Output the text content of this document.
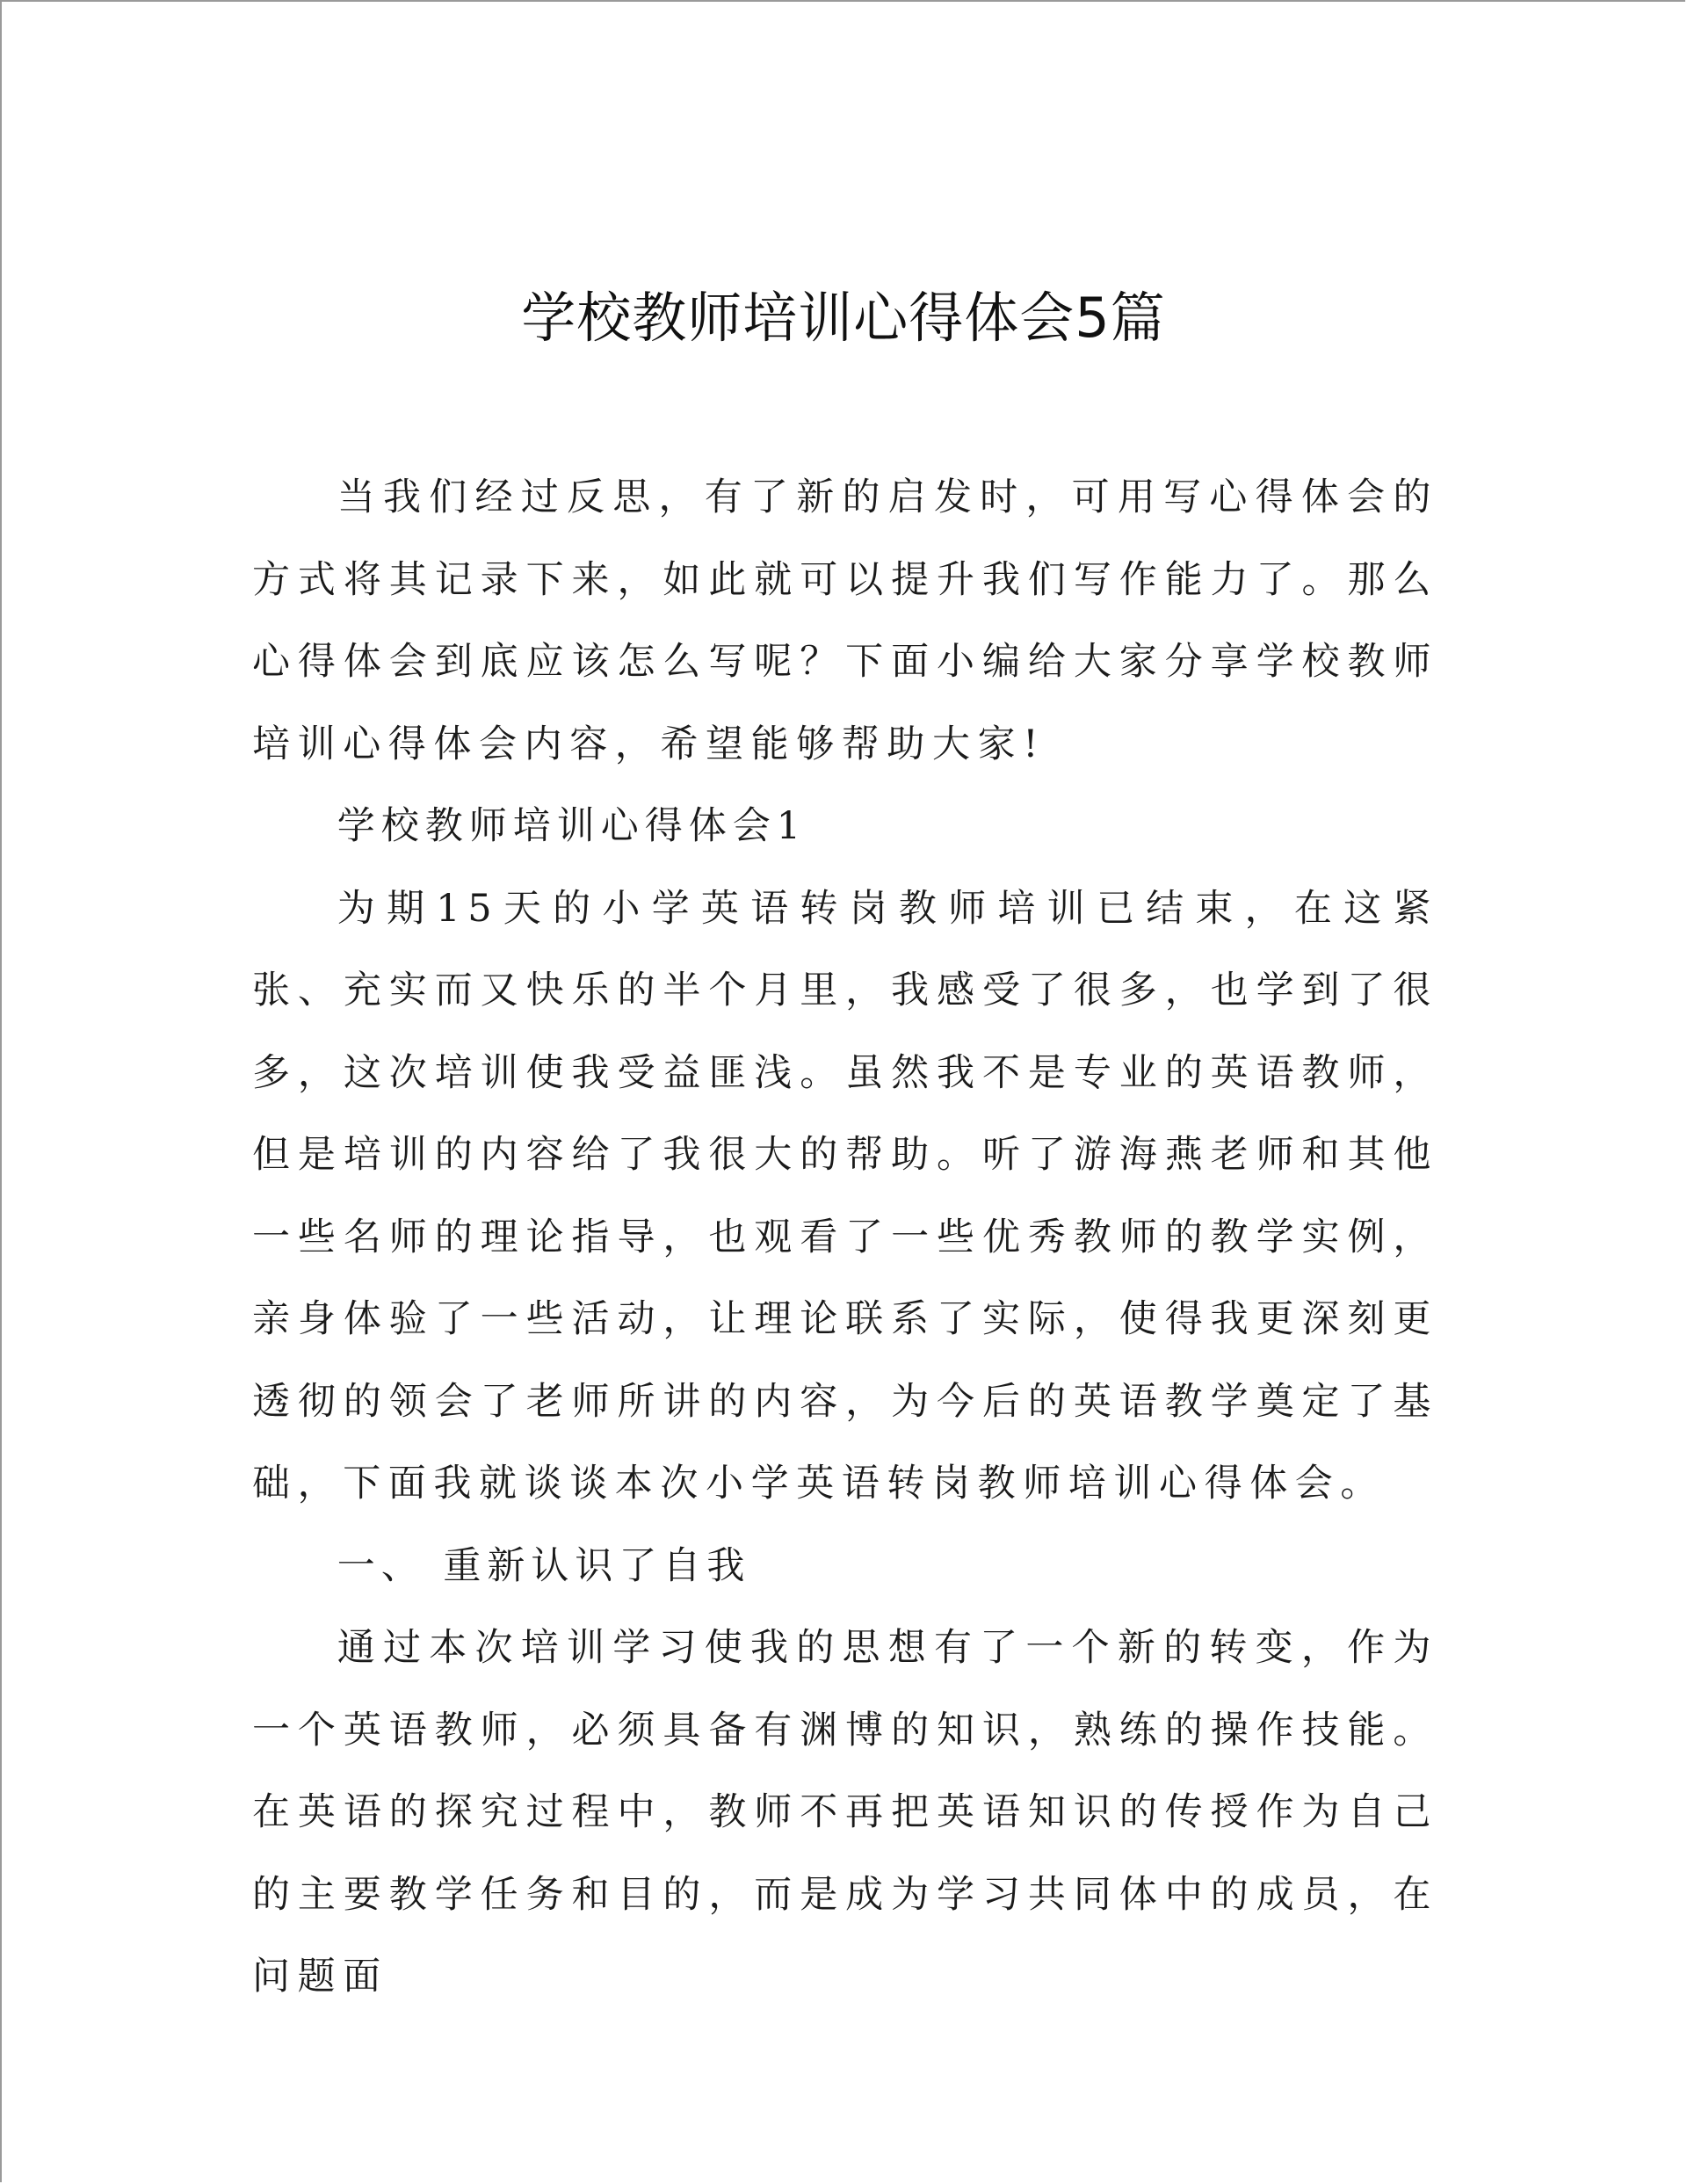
学校教师培训心得体会5篇

当我们经过反思，有了新的启发时，可用写心得体会的方式将其记录下来，如此就可以提升我们写作能力了。那么心得体会到底应该怎么写呢？下面小编给大家分享学校教师培训心得体会内容，希望能够帮助大家!

学校教师培训心得体会1

为期15天的小学英语转岗教师培训已结束，在这紧张、充实而又快乐的半个月里，我感受了很多，也学到了很多，这次培训使我受益匪浅。虽然我不是专业的英语教师，但是培训的内容给了我很大的帮助。听了游海燕老师和其他一些名师的理论指导，也观看了一些优秀教师的教学实例，亲身体验了一些活动，让理论联系了实际，使得我更深刻更透彻的领会了老师所讲的内容，为今后的英语教学奠定了基础，下面我就谈谈本次小学英语转岗教师培训心得体会。

一、 重新认识了自我

通过本次培训学习使我的思想有了一个新的转变，作为一个英语教师，必须具备有渊博的知识，熟练的操作技能。在英语的探究过程中，教师不再把英语知识的传授作为自己的主要教学任务和目的，而是成为学习共同体中的成员，在问题面
